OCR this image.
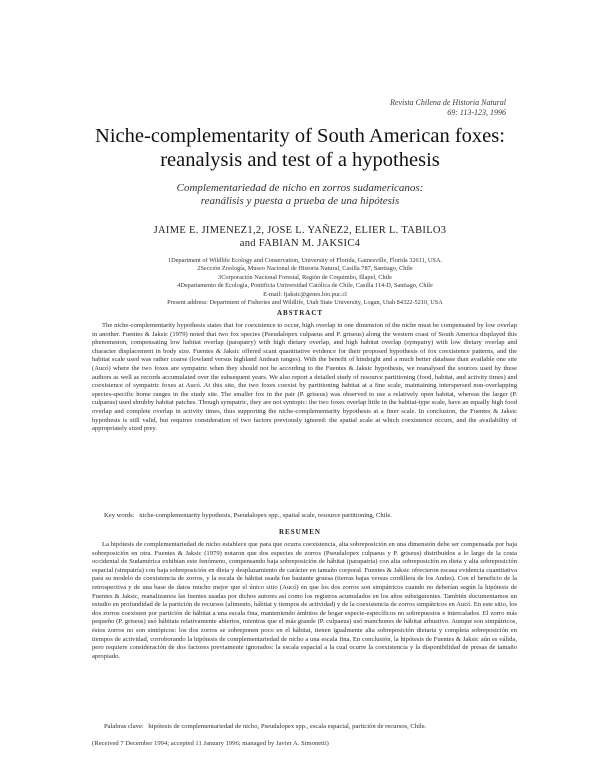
Revista Chilena de Historia Natural
69: 113-123, 1996
Niche-complementarity of South American foxes:
reanalysis and test of a hypothesis
Complementariedad de nicho en zorros sudamericanos:
reanálisis y puesta a prueba de una hipótesis
JAIME E. JIMENEZ1,2, JOSE L. YAÑEZ2, ELIER L. TABILO3
and FABIAN M. JAKSIC4
1Department of Wildlife Ecology and Conservation, University of Florida, Gainesville, Florida 32611, USA.
2Sección Zoología, Museo Nacional de Historia Natural, Casilla 787, Santiago, Chile
3Corporación Nacional Forestal, Región de Coquimbo, Illapel, Chile
4Departamento de Ecología, Pontificia Universidad Católica de Chile, Casilla 114-D, Santiago, Chile
E-mail: fjaksic@genes.bio.puc.cl
Present address: Department of Fisheries and Wildlife, Utah State University, Logan, Utah 84322-5210, USA
ABSTRACT

The niche-complementarity hypothesis states that for coexistence to occur, high overlap in one dimension of the niche must be compensated by low overlap in another. Fuentes & Jaksic (1979) noted that two fox species (Pseudalopex culpaeus and P. griseus) along the western coast of South America displayed this phenomenon, compensating low habitat overlap (parapatry) with high dietary overlap, and high habitat overlap (sympatry) with low dietary overlap and character displacement in body size. Fuentes & Jaksic offered scant quantitative evidence for their proposed hypothesis of fox coexistence patterns, and the habitat scale used was rather coarse (lowland versus highland Andean ranges). With the benefit of hindsight and a much better database than available one site (Aucó) where the two foxes are sympatric when they should not be according to the Fuentes & Jaksic hypothesis, we reanalysed the sources used by these authors as well as records accumulated over the subsequent years. We also report a detailed study of resource partitioning (food, habitat, and activity times) and coexistence of sympatric foxes at Aucó. At this site, the two foxes coexist by partitioning habitat at a fine scale, maintaining interspersed non-overlapping species-specific home ranges in the study site. The smaller fox in the pair (P. griseus) was observed to use a relatively open habitat, whereas the larger (P. culpaeus) used shrubby habitat patches. Though sympatric, they are not syntopic: the two foxes overlap little in the habitat-type scale, have an equally high food overlap and complete overlap in activity times, thus supporting the niche-complementarity hypothesis at a finer scale. In conclusion, the Fuentes & Jaksic hypothesis is still valid, but requires consideration of two factors previously ignored: the spatial scale at which coexistence occurs, and the availability of appropriately sized prey.

Key words: niche-complementarity hypothesis, Pseudalopex spp., spatial scale, resource partitioning, Chile.
RESUMEN

La hipótesis de complementariedad de nicho establece que para que ocurra coexistencia, alta sobreposición en una dimensión debe ser compensada por baja sobreposición en otra. Fuentes & Jaksic (1979) notaron que dos especies de zorros (Pseudalopex culpaeus y P. griseus) distribuidos a lo largo de la costa occidental de Sudamérica exhibían este fenómeno, compensando baja sobreposición de hábitat (parapatría) con alta sobreposición en dieta y alta sobreposición espacial (simpatría) con baja sobreposición en dieta y desplazamiento de carácter en tamaño corporal. Fuentes & Jaksic ofrecieron escasa evidencia cuantitativa para su modelo de coexistencia de zorros, y la escala de hábitat usada fue bastante gruesa (tierras bajas versus cordillera de los Andes). Con el beneficio de la retrospectiva y de una base de datos mucho mejor que el único sitio (Aucó) en que los dos zorros son simpátricos cuando no deberían según la hipótesis de Fuentes & Jaksic, reanalizamos las fuentes usadas por dichos autores así como los registros acumulados en los años subsiguientes. También documentamos un estudio en profundidad de la partición de recursos (alimento, hábitat y tiempos de actividad) y de la coexistencia de zorros simpátricos en Aucó. En este sitio, los dos zorros coexisten por partición de hábitat a una escala fina, manteniendo ámbitos de hogar especie-específicos no sobrepuestos e intercalados. El zorro más pequeño (P. griseus) usó hábitats relativamente abiertos, mientras que el más grande (P. culpaeus) usó manchones de hábitat arbustivo. Aunque son simpátricos, éstos zorros no son sintópicos: los dos zorros se sobreponen poco en el hábitat, tienen igualmente alta sobreposición dietaria y completa sobreposición en tiempos de actividad, corroborando la hipótesis de complementariedad de nicho a una escala fina. En conclusión, la hipótesis de Fuentes & Jaksic aún es válida, pero requiere consideración de dos factores previamente ignorados: la escala espacial a la cual ocurre la coexistencia y la disponibilidad de presas de tamaño apropiado.

Palabras clave: hipótesis de complementariedad de nicho, Pseudalopex spp., escala espacial, partición de recursos, Chile.
(Received 7 December 1994; accepted 11 January 1996; managed by Javier A. Simonetti)
